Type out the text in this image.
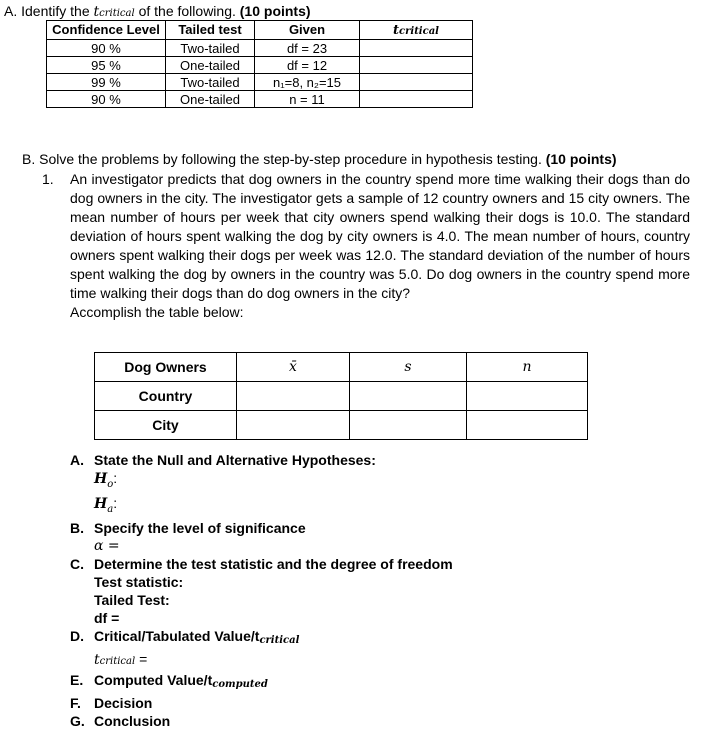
A. Identify the tcritical of the following. (10 points)
Confidence Level	Tailed test	Given	tcritical
90 %	Two-tailed	df = 23	
95 %	One-tailed	df = 12	
99 %	Two-tailed	n₁=8, n₂=15	
90 %	One-tailed	n = 11	
B. Solve the problems by following the step-by-step procedure in hypothesis testing. (10 points)
1. An investigator predicts that dog owners in the country spend more time walking their dogs than do dog owners in the city. The investigator gets a sample of 12 country owners and 15 city owners. The mean number of hours per week that city owners spend walking their dogs is 10.0. The standard deviation of hours spent walking the dog by city owners is 4.0. The mean number of hours, country owners spent walking their dogs per week was 12.0. The standard deviation of the number of hours spent walking the dog by owners in the country was 5.0. Do dog owners in the country spend more time walking their dogs than do dog owners in the city?
Accomplish the table below:
Dog Owners	x̄	s	n
Country			
City			
A. State the Null and Alternative Hypotheses:
$H_o$:
$H_a$:
B. Specify the level of significance
α =
C. Determine the test statistic and the degree of freedom
Test statistic:
Tailed Test:
df =
D. Critical/Tabulated Value/t critical
tcritical =
E. Computed Value/t computed
F. Decision
G. Conclusion
